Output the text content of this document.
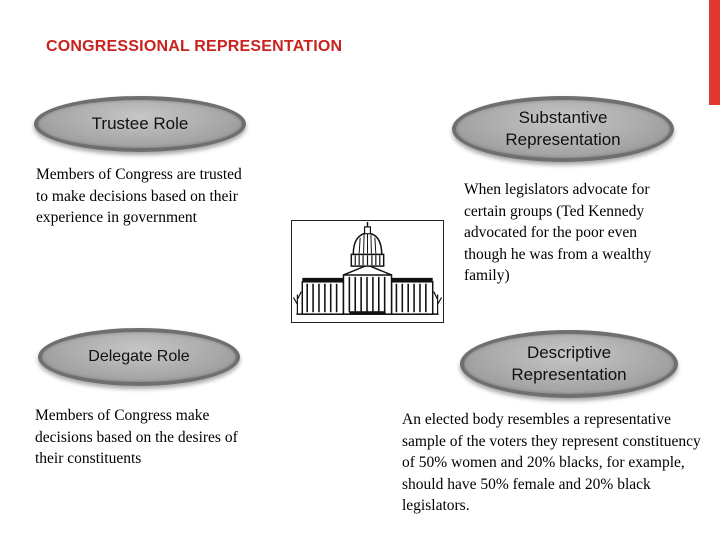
CONGRESSIONAL REPRESENTATION
Trustee Role
Members of Congress are trusted to make decisions based on their experience in government
Delegate Role
Members of Congress make decisions based on the desires of their constituents
Substantive Representation
When legislators advocate for certain groups (Ted Kennedy advocated for the poor even though he was from a wealthy family)
Descriptive Representation
An elected body resembles a representative sample of the voters they represent constituency of 50% women and 20% blacks, for example, should have 50% female and 20% black legislators.
